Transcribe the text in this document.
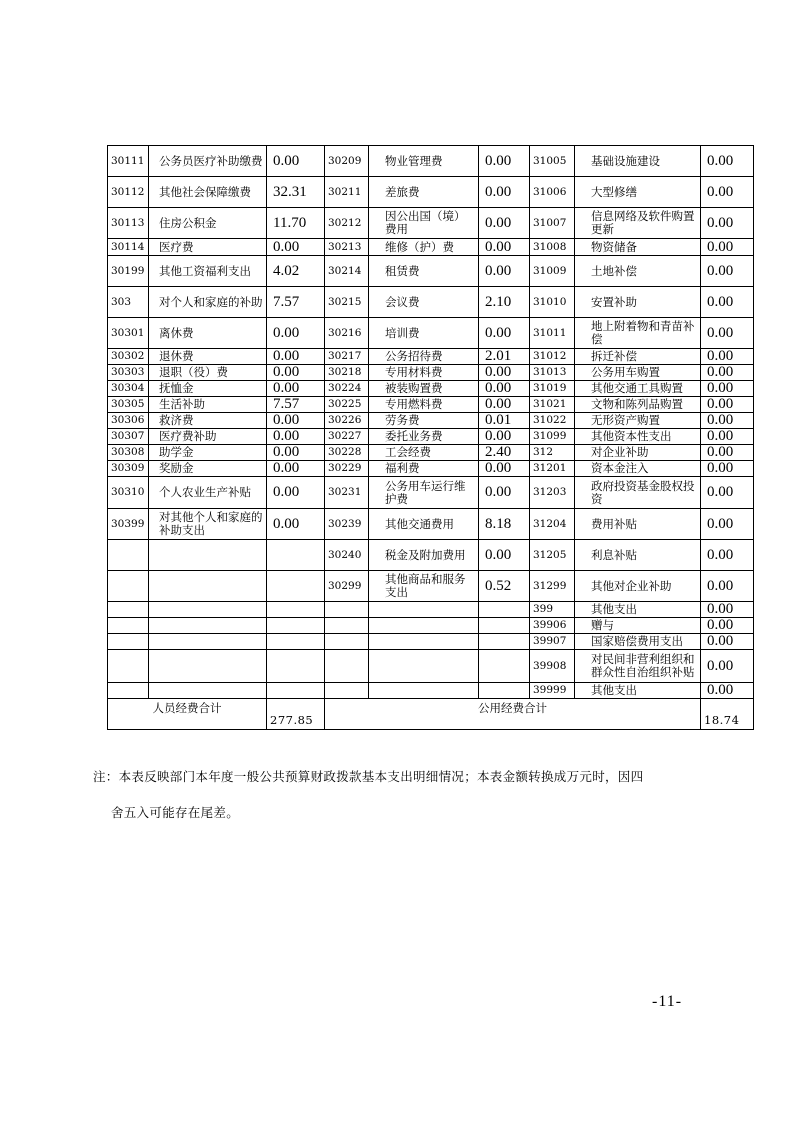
30111	公务员医疗补助缴费	0.00	30209	物业管理费	0.00	31005	基础设施建设	0.00
30112	其他社会保障缴费	32.31	30211	差旅费	0.00	31006	大型修缮	0.00
30113	住房公积金	11.70	30212	因公出国（境）费用	0.00	31007	信息网络及软件购置更新	0.00
30114	医疗费	0.00	30213	维修（护）费	0.00	31008	物资储备	0.00
30199	其他工资福利支出	4.02	30214	租赁费	0.00	31009	土地补偿	0.00
303	对个人和家庭的补助	7.57	30215	会议费	2.10	31010	安置补助	0.00
30301	离休费	0.00	30216	培训费	0.00	31011	地上附着物和青苗补偿	0.00
30302	退休费	0.00	30217	公务招待费	2.01	31012	拆迁补偿	0.00
30303	退职（役）费	0.00	30218	专用材料费	0.00	31013	公务用车购置	0.00
30304	抚恤金	0.00	30224	被装购置费	0.00	31019	其他交通工具购置	0.00
30305	生活补助	7.57	30225	专用燃料费	0.00	31021	文物和陈列品购置	0.00
30306	救济费	0.00	30226	劳务费	0.01	31022	无形资产购置	0.00
30307	医疗费补助	0.00	30227	委托业务费	0.00	31099	其他资本性支出	0.00
30308	助学金	0.00	30228	工会经费	2.40	312	对企业补助	0.00
30309	奖励金	0.00	30229	福利费	0.00	31201	资本金注入	0.00
30310	个人农业生产补贴	0.00	30231	公务用车运行维护费	0.00	31203	政府投资基金股权投资	0.00
30399	对其他个人和家庭的补助支出	0.00	30239	其他交通费用	8.18	31204	费用补贴	0.00
			30240	税金及附加费用	0.00	31205	利息补贴	0.00
			30299	其他商品和服务支出	0.52	31299	其他对企业补助	0.00
						399	其他支出	0.00
						39906	赠与	0.00
						39907	国家赔偿费用支出	0.00
						39908	对民间非营利组织和群众性自治组织补贴	0.00
						39999	其他支出	0.00
人员经费合计		277.85	公用经费合计					18.74
注：本表反映部门本年度一般公共预算财政拨款基本支出明细情况；本表金额转换成万元时，因四
舍五入可能存在尾差。
-11-
